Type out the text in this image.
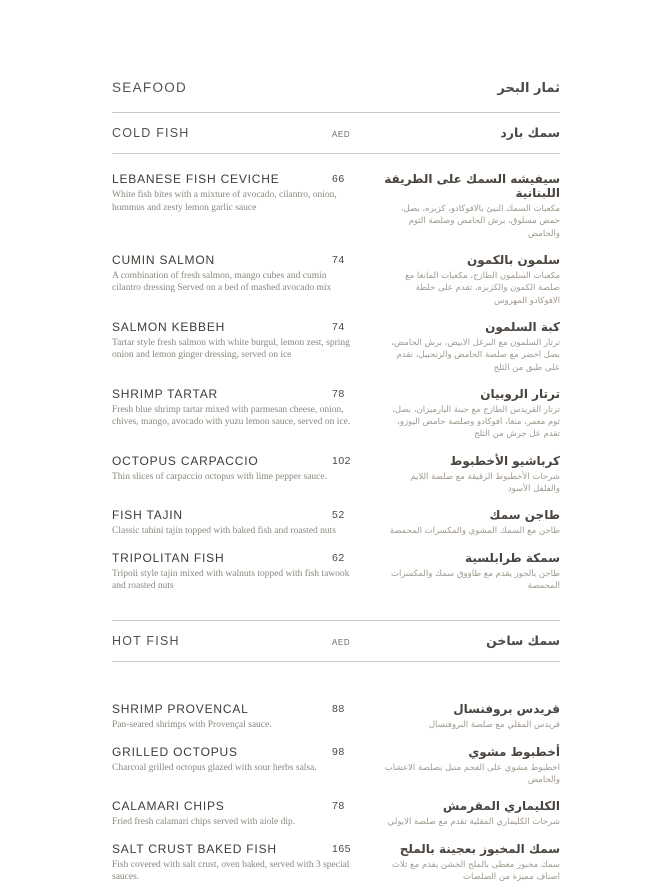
SEAFOOD	ثمار البحر
COLD FISH	AED	سمك بارد
LEBANESE FISH CEVICHE
White fish bites with a mixture of avocado, cilantro, onion, hummus and zesty lemon garlic sauce
66	سيفيشه السمك على الطريقة اللبنانية
مكعبات السمك النيئ بالافوكادو، كزبره، بصل، حمص مسلوق، برش الحامض وصلصة الثوم والحامض
CUMIN SALMON
A combination of fresh salmon, mango cubes and cumin cilantro dressing Served on a bed of mashed avocado mix
74	سلمون بالكمون
مكعبات السلمون الطازج، مكعبات المانغا مع صلصة الكمون والكزبره، تقدم على خلطة الافوكادو المهروس
SALMON KEBBEH
Tartar style fresh salmon with white burgul, lemon zest, spring onion and lemon ginger dressing, served on ice
74	كبة السلمون
ترتار السلمون مع البرغل الابيض، برش الحامض، بصل اخضر مع صلصة الحامض والزنجبيل، تقدم على طبق من الثلج
SHRIMP TARTAR
Fresh blue shrimp tartar mixed with parmesan cheese, onion, chives, mango, avocado with yuzu lemon sauce, served on ice.
78	ترتار الروبيان
ترتار القريدس الطازج مع جبنة البارميزان، بصل، ثوم معمر، منغا، افوكادو وصلصة حامض اليوزو، تقدم عل جرش من الثلج
OCTOPUS CARPACCIO
Thin slices of carpaccio octopus with lime pepper sauce.
102	كرباشيو الأخطبوط
شرحات الأخطبوط الرقيقة مع صلصة اللايم والفلفل الأسود
FISH TAJIN
Classic tahini tajin topped with baked fish and roasted nuts
52	طاجن سمك
طاجن مع السمك المشوي والمكسرات المحمصة
TRIPOLITAN FISH
Tripoli style tajin mixed with walnuts topped with fish tawook and roasted nuts
62	سمكة طرابلسية
طاجن بالجوز يقدم مع طاووق سمك والمكسرات المحمصة
HOT FISH	AED	سمك ساخن
SHRIMP PROVENCAL
Pan-seared shrimps with Provençal sauce.
88	قريدس بروفنسال
قريدس المقلي مع صلصة البروفنسال
GRILLED OCTOPUS
Charcoal grilled octopus glazed with sour herbs salsa.
98	أخطبوط مشوي
اخطبوط مشوي على الفحم متبل بصلصة الاعشاب والحامض
CALAMARI CHIPS
Fried fresh calamari chips served with aiole dip.
78	الكليماري المقرمش
شرحات الكليماري المقلية تقدم مع صلصة الايولي
SALT CRUST BAKED FISH
Fish covered with salt crust, oven baked, served with 3 special sauces.
165	سمك المخبوز بعجينة بالملح
سمك مخبوز مغطى بالملح الخشن يقدم مع ثلاث اصناف مميزة من الصلصات
